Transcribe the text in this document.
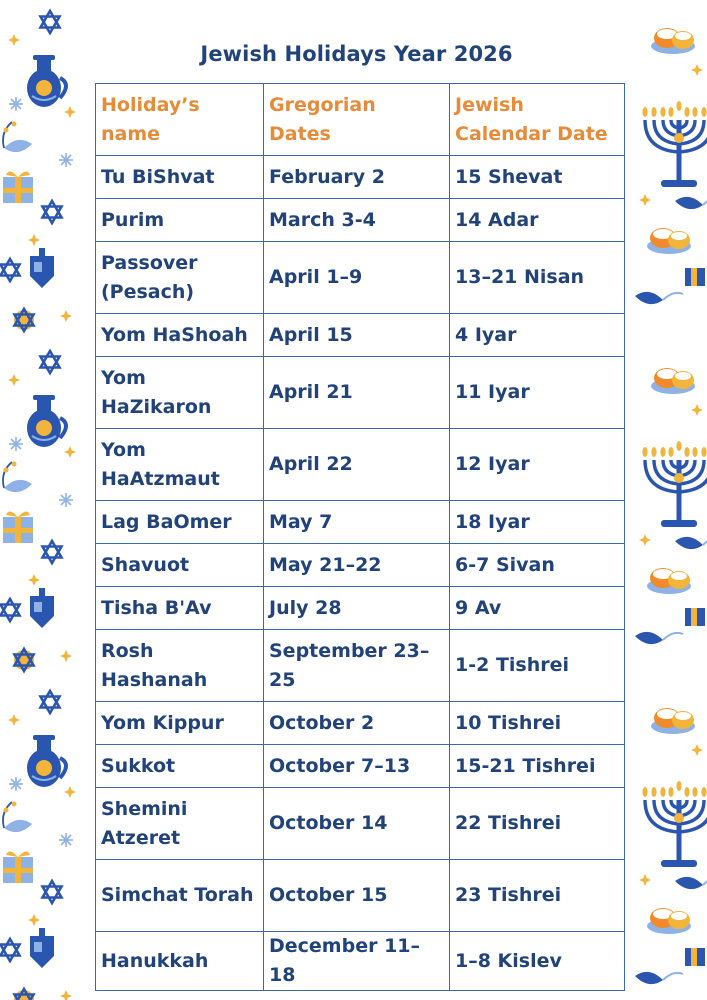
Jewish Holidays Year 2026
Holiday’s name	Gregorian Dates	Jewish Calendar Date
Tu BiShvat	February 2	15 Shevat
Purim	March 3-4	14 Adar
Passover (Pesach)	April 1–9	13–21 Nisan
Yom HaShoah	April 15	4 Iyar
Yom HaZikaron	April 21	11 Iyar
Yom HaAtzmaut	April 22	12 Iyar
Lag BaOmer	May 7	18 Iyar
Shavuot	May 21–22	6-7 Sivan
Tisha B'Av	July 28	9 Av
Rosh Hashanah	September 23–25	1-2 Tishrei
Yom Kippur	October 2	10 Tishrei
Sukkot	October 7–13	15-21 Tishrei
Shemini Atzeret	October 14	22 Tishrei
Simchat Torah	October 15	23 Tishrei
Hanukkah	December 11–18	1–8 Kislev
